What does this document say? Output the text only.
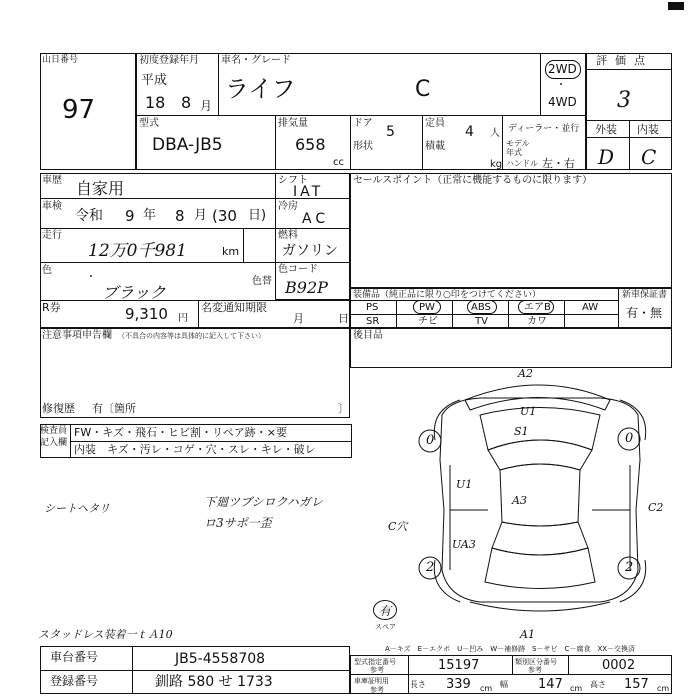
山日番号
97
初度登録年月
平成
18 8 月
車名・グレード
ライフ	C
2WD
・
4WD
型式
DBA-JB5
排気量
658
cc
ドア
5
形状
定員
4 人
積載
kg
ディーラー・並行
モデル
年式
ハンドル 左・右
評価点
3
外装 内装
D C
車歴 自家用
車検
令和 9 年 8 月 (30 日)
走行
12万0千981	km
色
・
ブラック
色替
R券	9,310 円
名変通知期限
月	日
シフト
IAT
冷房
AC
燃料
ガソリン
色コード
B92P
セールスポイント（正常に機能するものに限ります）
装備品（純正品に限り○印をつけてください）	新車保証書
有・無
PS	PW	ABS	エアB	AW
SR	チビ	TV	カワ
注意事項申告欄 （不具合の内容等は具体的に記入して下さい）
修復歴 有〔箇所	〕
後目品
検査員
記入欄
FW・キズ・飛石・ヒビ割・リペア跡・×要
内装　キズ・汚レ・コゲ・穴・スレ・キレ・破レ
シートヘタリ	下廻ツブシロクハガレ
ロ3サポ一歪
スタッドレス装着一ｔＡ10
A2
U1
S1
U1
A3
C穴
C2
UA3
A1
0	0
2	2
有
スペア
A－キズ　E－エクボ　U－凹み　W－補修跡　S－サビ　C－腐食　XX－交換済
車台番号	JB5-4558708
登録番号	釧路 580 せ 1733
型式指定番号
参考	15197	類別区分番号
参考	0002
車庫証明用
参考
長さ 339 cm 幅 147 cm 高さ 157 cm
